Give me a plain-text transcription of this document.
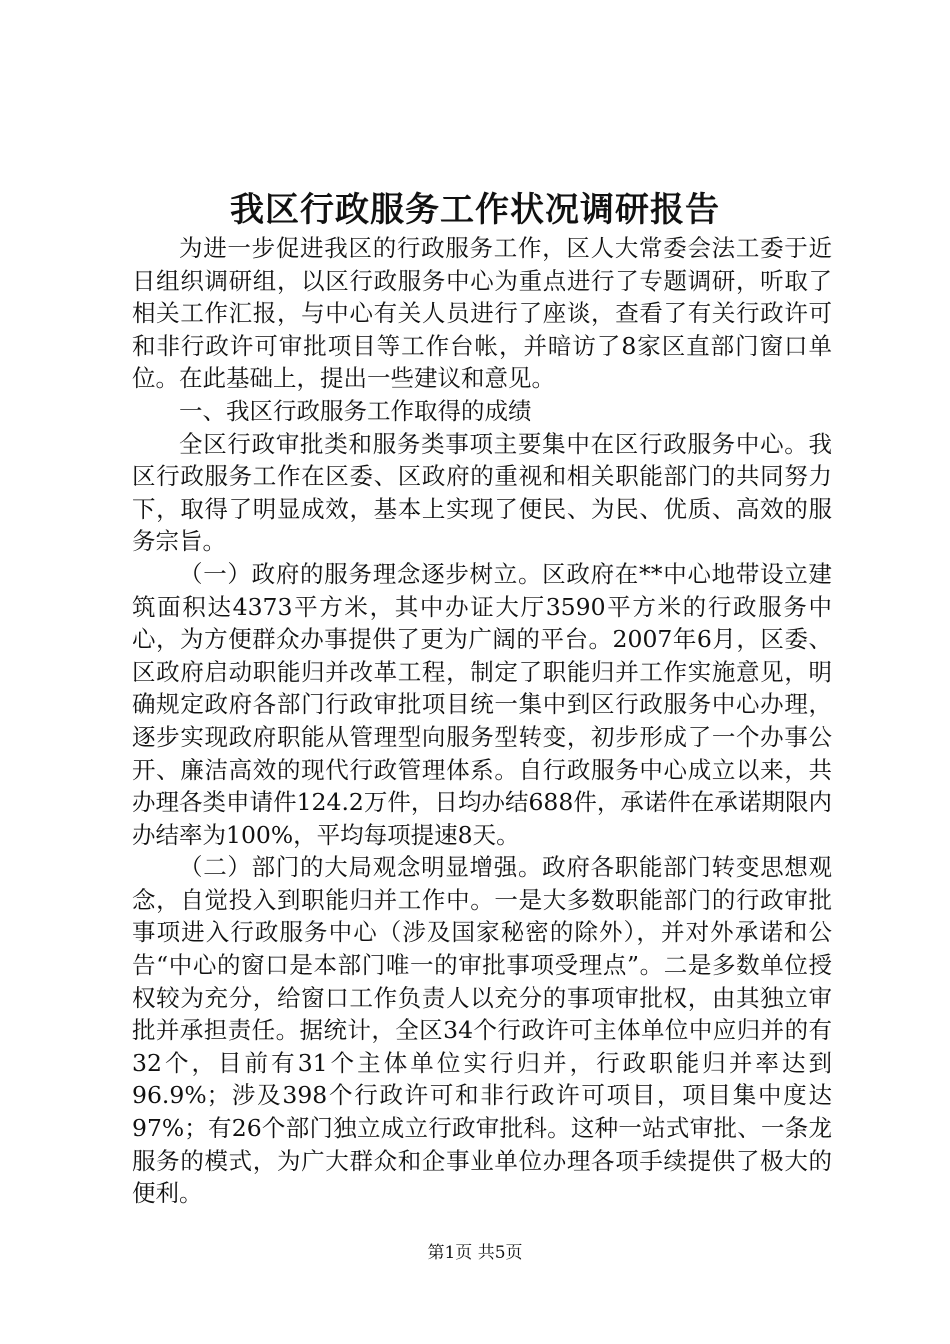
我区行政服务工作状况调研报告

为进一步促进我区的行政服务工作，区人大常委会法工委于近日组织调研组，以区行政服务中心为重点进行了专题调研，听取了相关工作汇报，与中心有关人员进行了座谈，查看了有关行政许可和非行政许可审批项目等工作台帐，并暗访了8家区直部门窗口单位。在此基础上，提出一些建议和意见。

一、我区行政服务工作取得的成绩

全区行政审批类和服务类事项主要集中在区行政服务中心。我区行政服务工作在区委、区政府的重视和相关职能部门的共同努力下，取得了明显成效，基本上实现了便民、为民、优质、高效的服务宗旨。

（一）政府的服务理念逐步树立。区政府在**中心地带设立建筑面积达4373平方米，其中办证大厅3590平方米的行政服务中心，为方便群众办事提供了更为广阔的平台。2007年6月，区委、区政府启动职能归并改革工程，制定了职能归并工作实施意见，明确规定政府各部门行政审批项目统一集中到区行政服务中心办理，逐步实现政府职能从管理型向服务型转变，初步形成了一个办事公开、廉洁高效的现代行政管理体系。自行政服务中心成立以来，共办理各类申请件124.2万件，日均办结688件，承诺件在承诺期限内办结率为100%，平均每项提速8天。

（二）部门的大局观念明显增强。政府各职能部门转变思想观念，自觉投入到职能归并工作中。一是大多数职能部门的行政审批事项进入行政服务中心（涉及国家秘密的除外），并对外承诺和公告“中心的窗口是本部门唯一的审批事项受理点”。二是多数单位授权较为充分，给窗口工作负责人以充分的事项审批权，由其独立审批并承担责任。据统计，全区34个行政许可主体单位中应归并的有32个，目前有31个主体单位实行归并，行政职能归并率达到96.9%；涉及398个行政许可和非行政许可项目，项目集中度达97%；有26个部门独立成立行政审批科。这种一站式审批、一条龙服务的模式，为广大群众和企事业单位办理各项手续提供了极大的便利。

第1页 共5页
